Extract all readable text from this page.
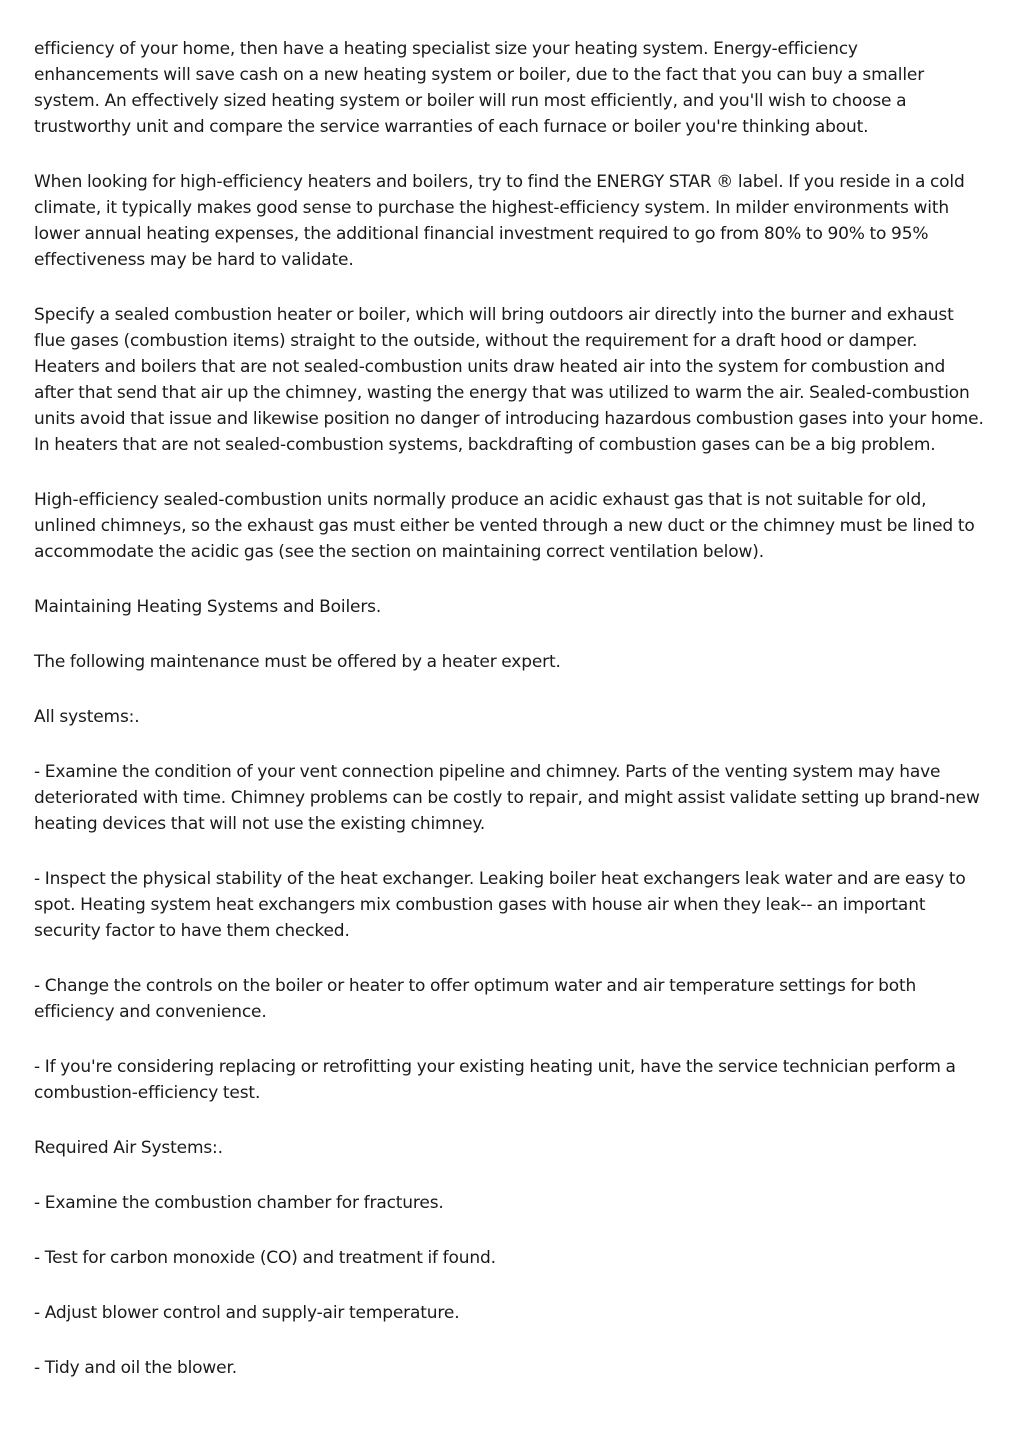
efficiency of your home, then have a heating specialist size your heating system. Energy-efficiency enhancements will save cash on a new heating system or boiler, due to the fact that you can buy a smaller system. An effectively sized heating system or boiler will run most efficiently, and you'll wish to choose a trustworthy unit and compare the service warranties of each furnace or boiler you're thinking about.

When looking for high-efficiency heaters and boilers, try to find the ENERGY STAR ® label. If you reside in a cold climate, it typically makes good sense to purchase the highest-efficiency system. In milder environments with lower annual heating expenses, the additional financial investment required to go from 80% to 90% to 95% effectiveness may be hard to validate.

Specify a sealed combustion heater or boiler, which will bring outdoors air directly into the burner and exhaust flue gases (combustion items) straight to the outside, without the requirement for a draft hood or damper. Heaters and boilers that are not sealed-combustion units draw heated air into the system for combustion and after that send that air up the chimney, wasting the energy that was utilized to warm the air. Sealed-combustion units avoid that issue and likewise position no danger of introducing hazardous combustion gases into your home. In heaters that are not sealed-combustion systems, backdrafting of combustion gases can be a big problem.

High-efficiency sealed-combustion units normally produce an acidic exhaust gas that is not suitable for old, unlined chimneys, so the exhaust gas must either be vented through a new duct or the chimney must be lined to accommodate the acidic gas (see the section on maintaining correct ventilation below).

Maintaining Heating Systems and Boilers.

The following maintenance must be offered by a heater expert.

All systems:.

- Examine the condition of your vent connection pipeline and chimney. Parts of the venting system may have deteriorated with time. Chimney problems can be costly to repair, and might assist validate setting up brand-new heating devices that will not use the existing chimney.

- Inspect the physical stability of the heat exchanger. Leaking boiler heat exchangers leak water and are easy to spot. Heating system heat exchangers mix combustion gases with house air when they leak-- an important security factor to have them checked.

- Change the controls on the boiler or heater to offer optimum water and air temperature settings for both efficiency and convenience.

- If you're considering replacing or retrofitting your existing heating unit, have the service technician perform a combustion-efficiency test.

Required Air Systems:.

- Examine the combustion chamber for fractures.

- Test for carbon monoxide (CO) and treatment if found.

- Adjust blower control and supply-air temperature.

- Tidy and oil the blower.
